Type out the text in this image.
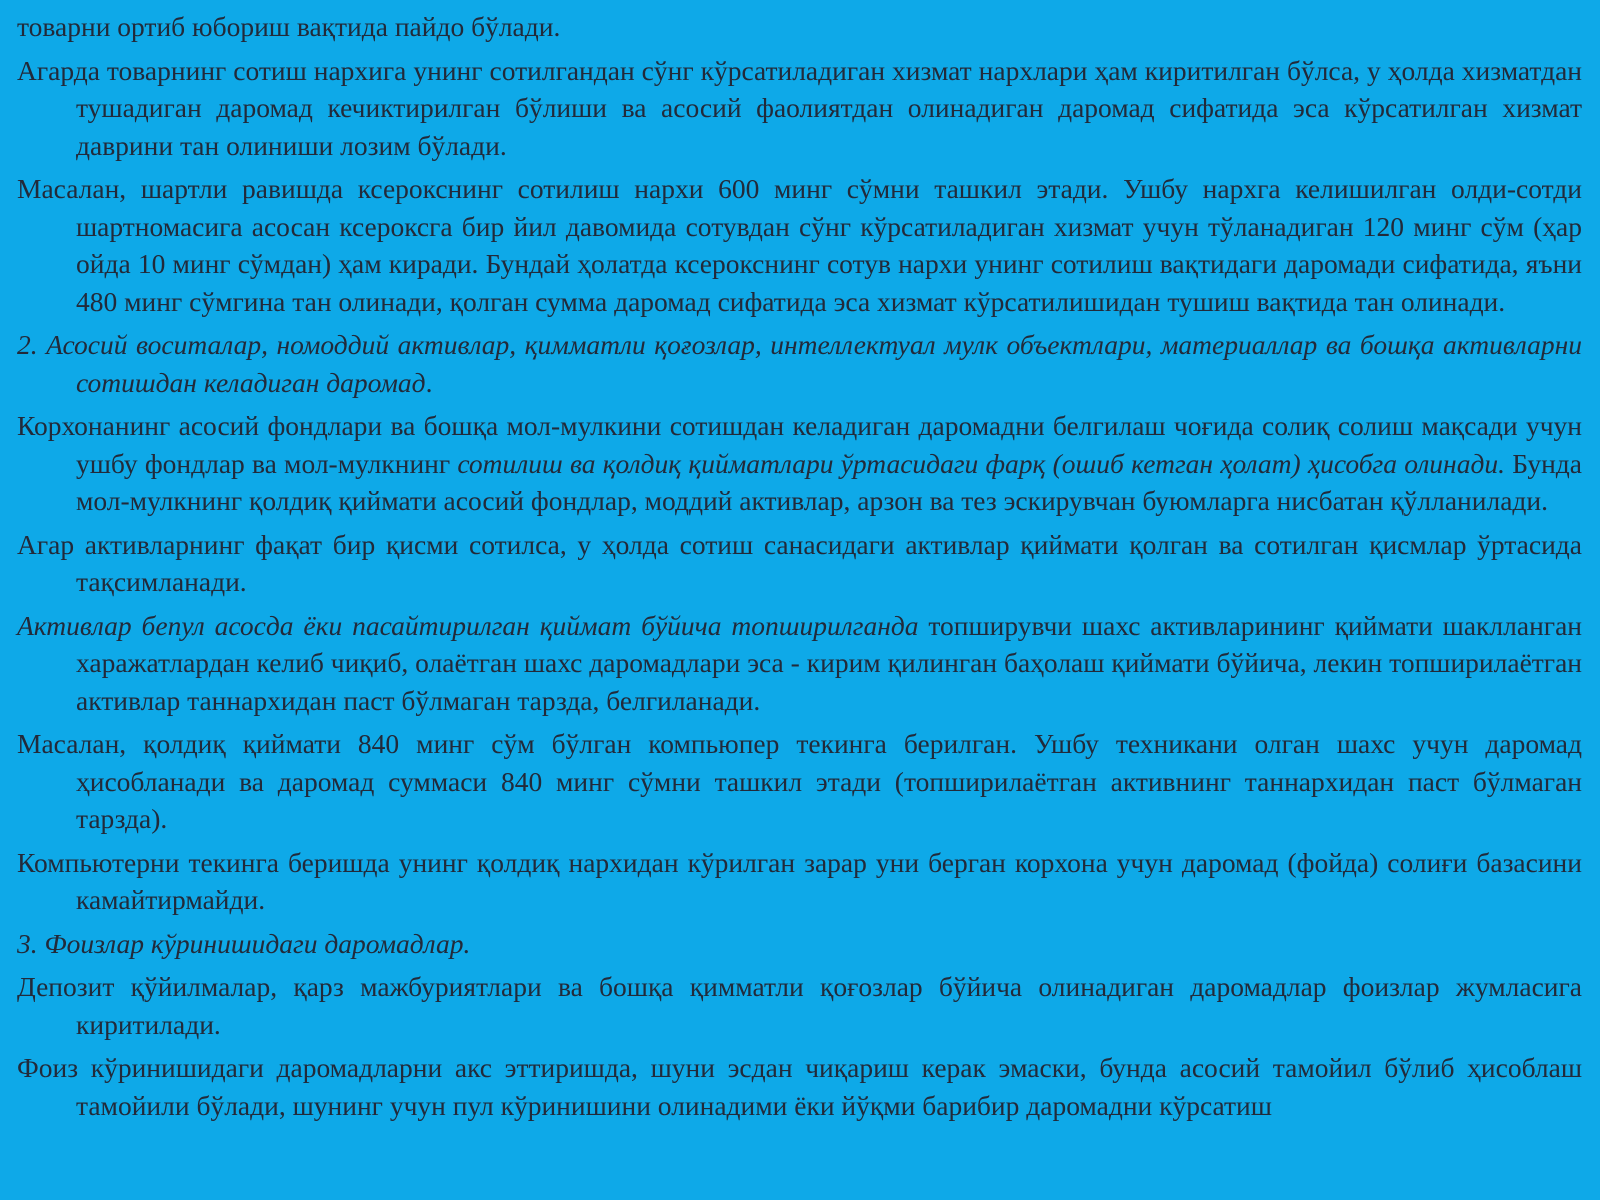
товарни ортиб юбориш вақтида пайдо бўлади.

Агарда товарнинг сотиш нархига унинг сотилгандан сўнг кўрсатиладиган хизмат нархлари ҳам киритилган бўлса, у ҳолда хизматдан тушадиган даромад кечиктирилган бўлиши ва асосий фаолиятдан олинадиган даромад сифатида эса кўрсатилган хизмат даврини тан олиниши лозим бўлади.

Масалан, шартли равишда ксерокснинг сотилиш нархи 600 минг сўмни ташкил этади. Ушбу нархга келишилган олди-сотди шартномасига асосан ксероксга бир йил давомида сотувдан сўнг кўрсатиладиган хизмат учун тўланадиган 120 минг сўм (ҳар ойда 10 минг сўмдан) ҳам киради. Бундай ҳолатда ксерокснинг сотув нархи унинг сотилиш вақтидаги даромади сифатида, яъни 480 минг сўмгина тан олинади, қолган сумма даромад сифатида эса хизмат кўрсатилишидан тушиш вақтида тан олинади.

2. Асосий воситалар, номоддий активлар, қимматли қоғозлар, интеллектуал мулк объектлари, материаллар ва бошқа активларни сотишдан келадиган даромад.

Корхонанинг асосий фондлари ва бошқа мол-мулкини сотишдан келадиган даромадни белгилаш чоғида солиқ солиш мақсади учун ушбу фондлар ва мол-мулкнинг сотилиш ва қолдиқ қийматлари ўртасидаги фарқ (ошиб кетган ҳолат) ҳисобга олинади. Бунда мол-мулкнинг қолдиқ қиймати асосий фондлар, моддий активлар, арзон ва тез эскирувчан буюмларга нисбатан қўлланилади.

Агар активларнинг фақат бир қисми сотилса, у ҳолда сотиш санасидаги активлар қиймати қолган ва сотилган қисмлар ўртасида тақсимланади.

Активлар бепул асосда ёки пасайтирилган қиймат бўйича топширилганда топширувчи шахс активларининг қиймати шаклланган харажатлардан келиб чиқиб, олаётган шахс даромадлари эса - кирим қилинган баҳолаш қиймати бўйича, лекин топширилаётган активлар таннархидан паст бўлмаган тарзда, белгиланади.

Масалан, қолдиқ қиймати 840 минг сўм бўлган компьюпер текинга берилган. Ушбу техникани олган шахс учун даромад ҳисобланади ва даромад суммаси 840 минг сўмни ташкил этади (топширилаётган активнинг таннархидан паст бўлмаган тарзда).

Компьютерни текинга беришда унинг қолдиқ нархидан кўрилган зарар уни берган корхона учун даромад (фойда) солиғи базасини камайтирмайди.

3. Фоизлар кўринишидаги даромадлар.

Депозит қўйилмалар, қарз мажбуриятлари ва бошқа қимматли қоғозлар бўйича олинадиган даромадлар фоизлар жумласига киритилади.

Фоиз кўринишидаги даромадларни акс эттиришда, шуни эсдан чиқариш керак эмаски, бунда асосий тамойил бўлиб ҳисоблаш тамойили бўлади, шунинг учун пул кўринишини олинадими ёки йўқми барибир даромадни кўрсатиш
